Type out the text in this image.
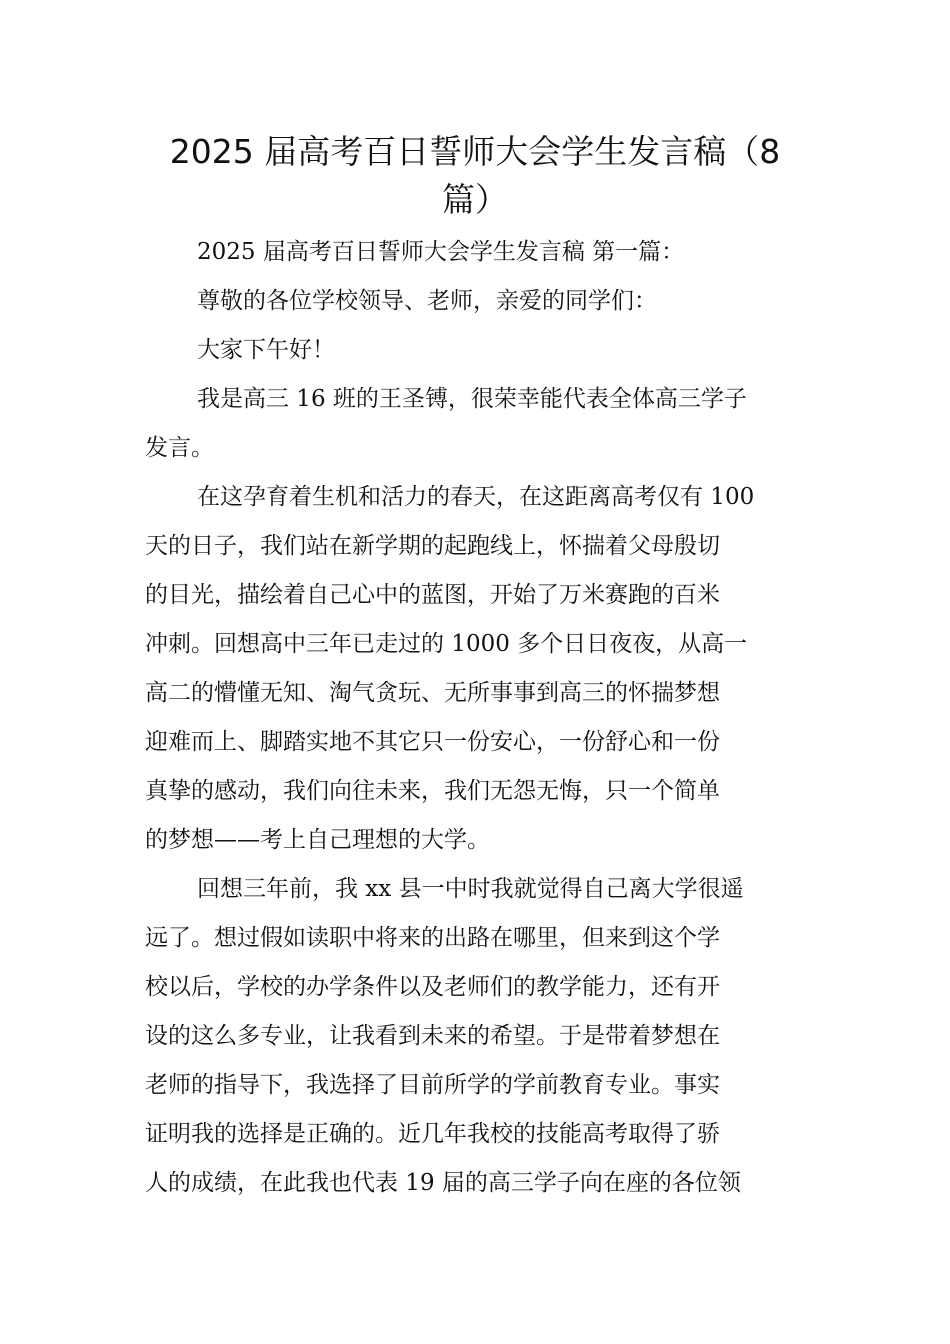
2025 届高考百日誓师大会学生发言稿（8
篇）
2025 届高考百日誓师大会学生发言稿 第一篇：
尊敬的各位学校领导、老师，亲爱的同学们：
大家下午好！
我是高三 16 班的王圣镈，很荣幸能代表全体高三学子
发言。
在这孕育着生机和活力的春天，在这距离高考仅有 100
天的日子，我们站在新学期的起跑线上，怀揣着父母殷切
的目光，描绘着自己心中的蓝图，开始了万米赛跑的百米
冲刺。回想高中三年已走过的 1000 多个日日夜夜，从高一
高二的懵懂无知、淘气贪玩、无所事事到高三的怀揣梦想
迎难而上、脚踏实地不其它只一份安心，一份舒心和一份
真挚的感动，我们向往未来，我们无怨无悔，只一个简单
的梦想——考上自己理想的大学。
回想三年前，我 xx 县一中时我就觉得自己离大学很遥
远了。想过假如读职中将来的出路在哪里，但来到这个学
校以后，学校的办学条件以及老师们的教学能力，还有开
设的这么多专业，让我看到未来的希望。于是带着梦想在
老师的指导下，我选择了目前所学的学前教育专业。事实
证明我的选择是正确的。近几年我校的技能高考取得了骄
人的成绩，在此我也代表 19 届的高三学子向在座的各位领
